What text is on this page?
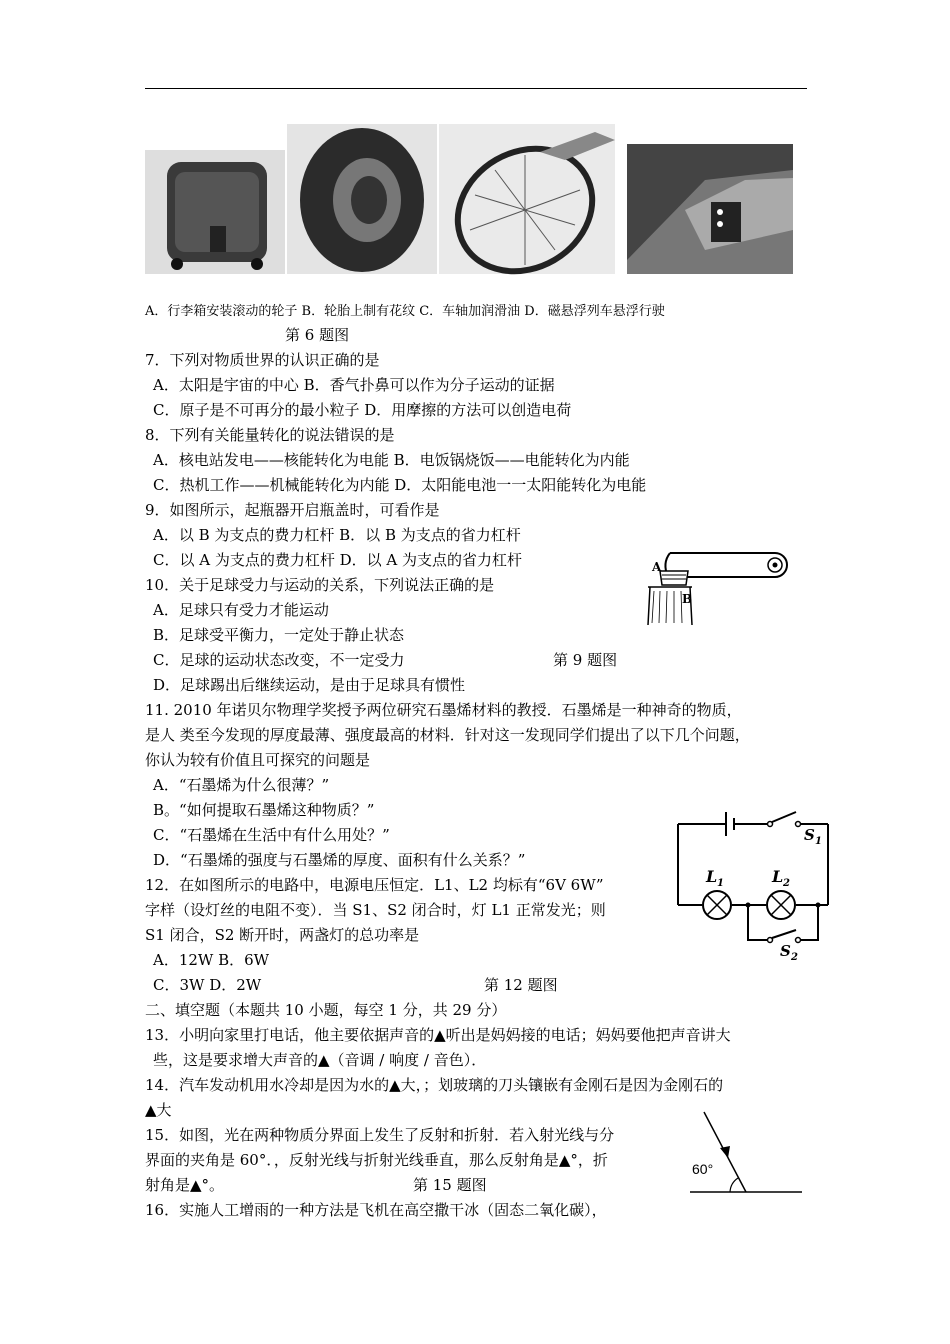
A．行李箱安装滚动的轮子 B．轮胎上制有花纹 C．车轴加润滑油 D．磁悬浮列车悬浮行驶
第 6 题图
7．下列对物质世界的认识正确的是
A．太阳是宇宙的中心 B．香气扑鼻可以作为分子运动的证据
C．原子是不可再分的最小粒子 D．用摩擦的方法可以创造电荷
8．下列有关能量转化的说法错误的是
A．核电站发电——核能转化为电能 B．电饭锅烧饭——电能转化为内能
C．热机工作——机械能转化为内能 D．太阳能电池一一太阳能转化为电能
9．如图所示，起瓶器开启瓶盖时，可看作是
A．以 B 为支点的费力杠杆 B．以 B 为支点的省力杠杆
C．以 A 为支点的费力杠杆 D．以 A 为支点的省力杠杆	A
B
10．关于足球受力与运动的关系，下列说法正确的是
A．足球只有受力才能运动
B．足球受平衡力，一定处于静止状态
C．足球的运动状态改变，不一定受力	第 9 题图
D．足球踢出后继续运动，是由于足球具有惯性
11. 2010 年诺贝尔物理学奖授予两位研究石墨烯材料的教授．石墨烯是一种神奇的物质，
是人 类至今发现的厚度最薄、强度最高的材料．针对这一发现同学们提出了以下几个问题，
你认为较有价值且可探究的问题是
A．“石墨烯为什么很薄？”
B。“如何提取石墨烯这种物质？”
C．“石墨烯在生活中有什么用处？”
D．“石墨烯的强度与石墨烯的厚度、面积有什么关系？”
S 1
L 1	L 2
S 2
12．在如图所示的电路中，电源电压恒定．L1、L2 均标有“6V 6W”
字样（设灯丝的电阻不变）．当 S1、S2 闭合时，灯 L1 正常发光；则
S1 闭合，S2 断开时，两盏灯的总功率是
A．12W B．6W
C．3W D．2W	第 12 题图
二、填空题（本题共 10 小题，每空 1 分，共 29 分）
13．小明向家里打电话，他主要依据声音的▲听出是妈妈接的电话；妈妈要他把声音讲大
些，这是要求增大声音的▲（音调 / 响度 / 音色）．
14．汽车发动机用水冷却是因为水的▲大，；划玻璃的刀头镶嵌有金刚石是因为金刚石的
▲大
15．如图，光在两种物质分界面上发生了反射和折射．若入射光线与分
界面的夹角是 60°．，反射光线与折射光线垂直，那么反射角是▲°，折
射角是▲°。	第 15 题图
60°
16．实施人工增雨的一种方法是飞机在高空撒干冰（固态二氧化碳），
